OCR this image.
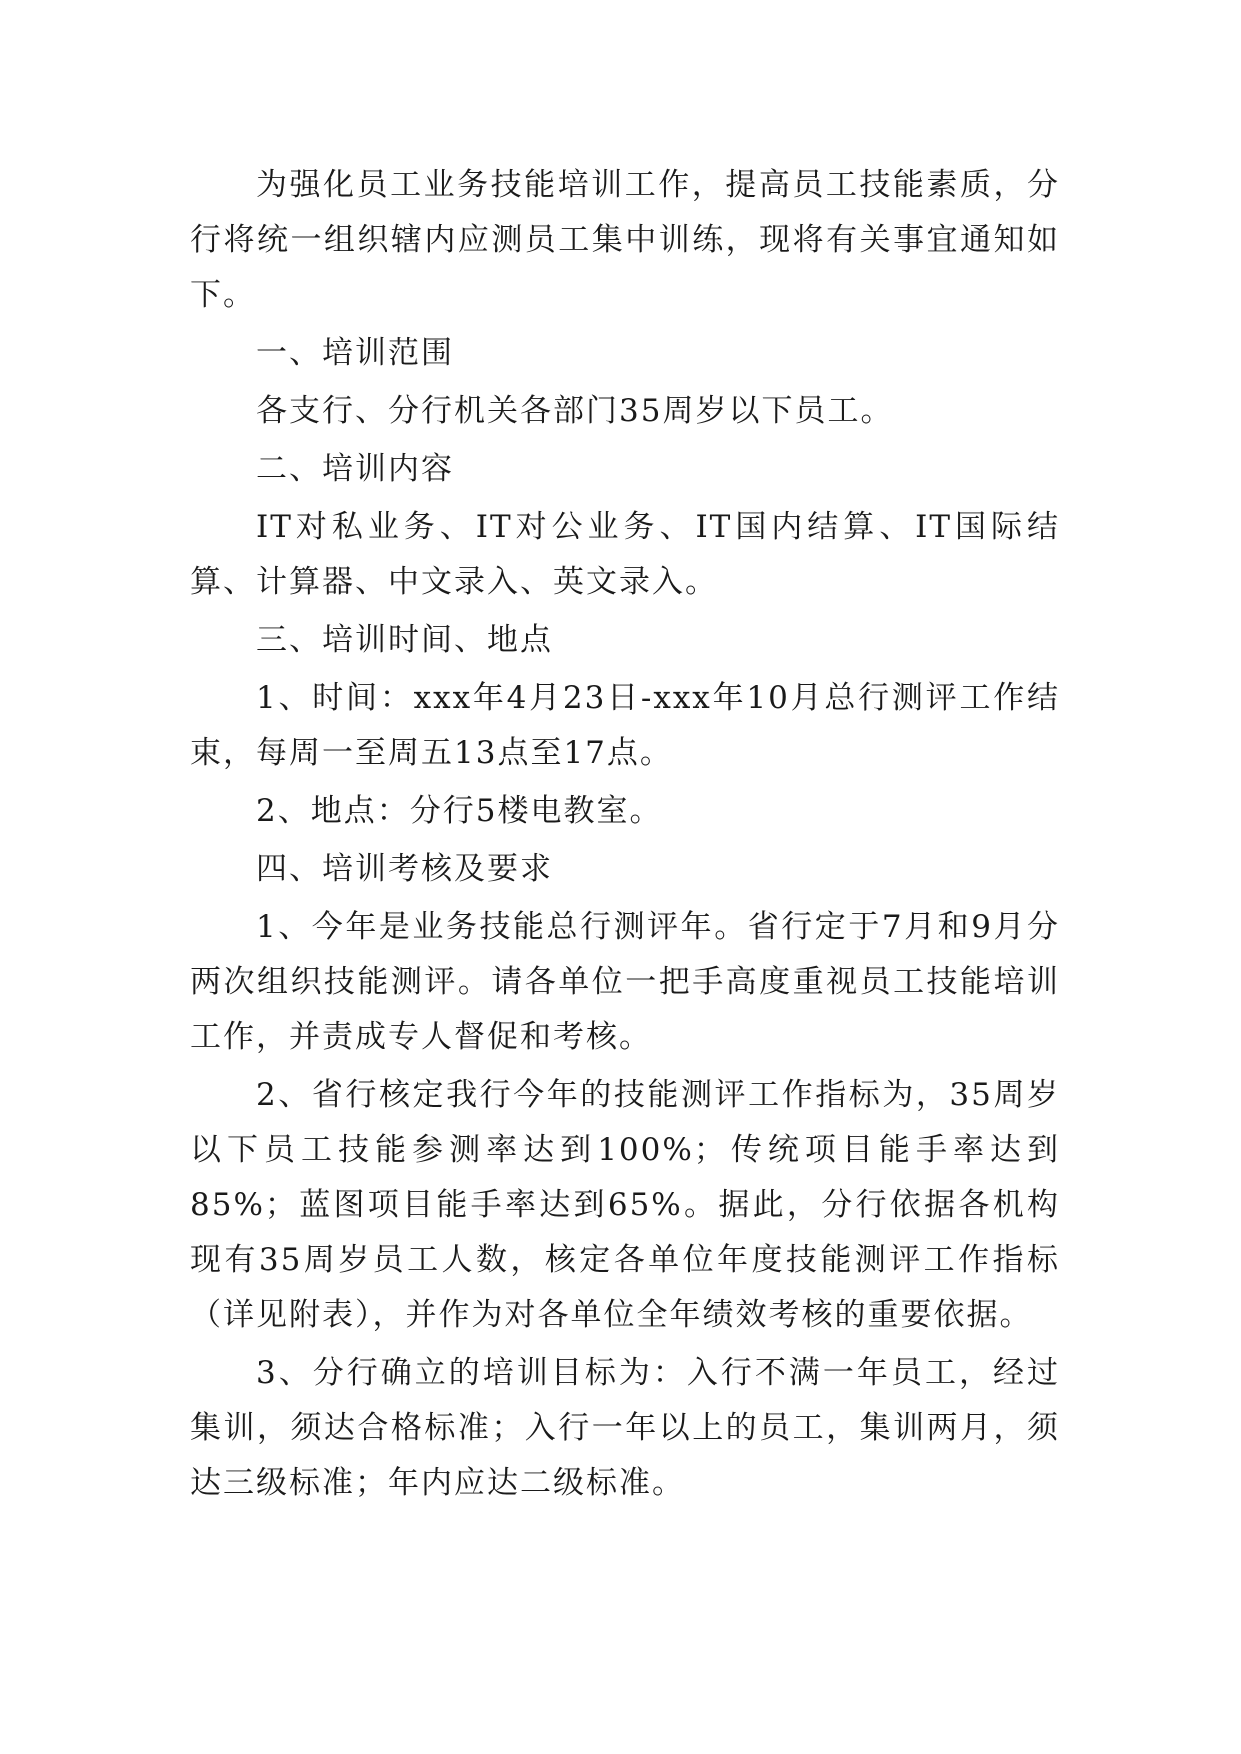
为强化员工业务技能培训工作，提高员工技能素质，分行将统一组织辖内应测员工集中训练，现将有关事宜通知如下。

一、培训范围

各支行、分行机关各部门35周岁以下员工。

二、培训内容

IT对私业务、IT对公业务、IT国内结算、IT国际结算、计算器、中文录入、英文录入。

三、培训时间、地点

1、时间：xxx年4月23日-xxx年10月总行测评工作结束，每周一至周五13点至17点。

2、地点：分行5楼电教室。

四、培训考核及要求

1、今年是业务技能总行测评年。省行定于7月和9月分两次组织技能测评。请各单位一把手高度重视员工技能培训工作，并责成专人督促和考核。

2、省行核定我行今年的技能测评工作指标为，35周岁以下员工技能参测率达到100%；传统项目能手率达到85%；蓝图项目能手率达到65%。据此，分行依据各机构现有35周岁员工人数，核定各单位年度技能测评工作指标（详见附表），并作为对各单位全年绩效考核的重要依据。

3、分行确立的培训目标为：入行不满一年员工，经过集训，须达合格标准；入行一年以上的员工，集训两月，须达三级标准；年内应达二级标准。
